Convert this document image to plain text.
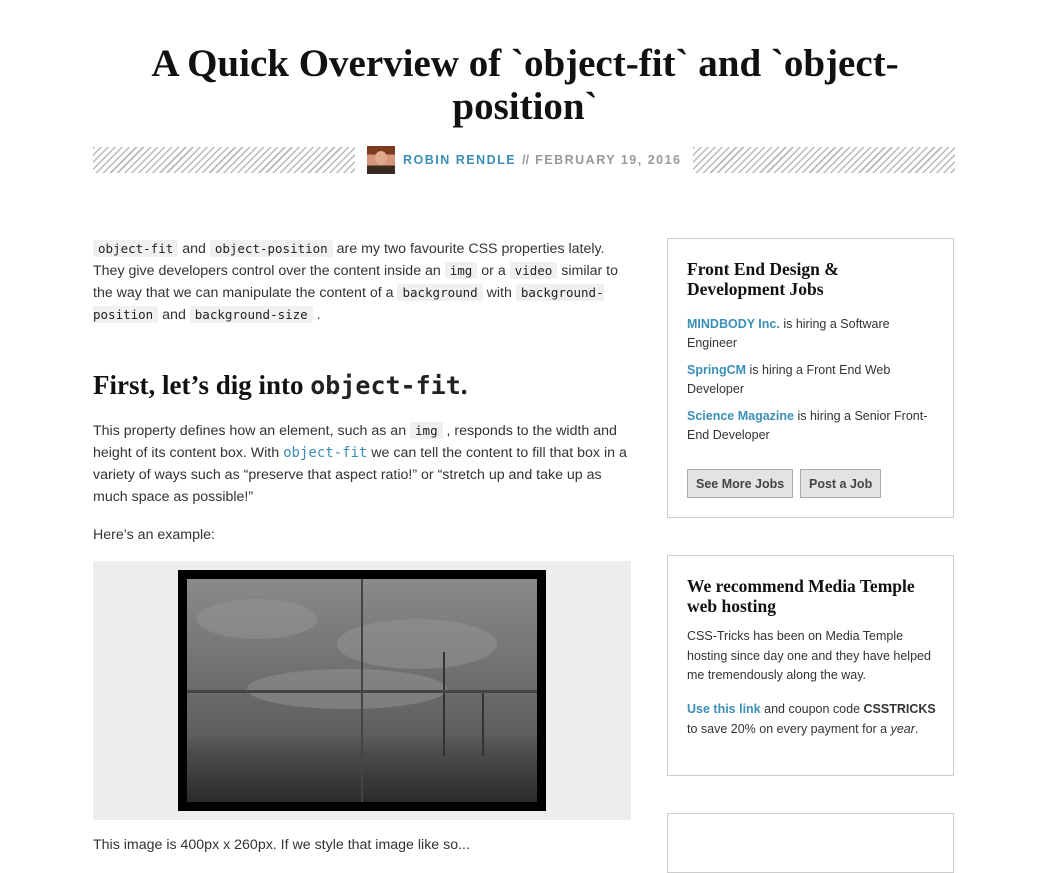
A Quick Overview of `object-fit` and `object-position`
ROBIN RENDLE // FEBRUARY 19, 2016

object-fit and object-position are my two favourite CSS properties lately. They give developers control over the content inside an img or a video similar to the way that we can manipulate the content of a background with background-position and background-size .

First, let’s dig into object-fit.

This property defines how an element, such as an img , responds to the width and height of its content box. With object-fit we can tell the content to fill that box in a variety of ways such as “preserve that aspect ratio!” or “stretch up and take up as much space as possible!”

Here’s an example:

This image is 400px x 260px. If we style that image like so...

Front End Design & Development Jobs
MINDBODY Inc. is hiring a Software Engineer
SpringCM is hiring a Front End Web Developer
Science Magazine is hiring a Senior Front-End Developer
See More Jobs	Post a Job
We recommend Media Temple web hosting
CSS-Tricks has been on Media Temple hosting since day one and they have helped me tremendously along the way.
Use this link and coupon code CSSTRICKS to save 20% on every payment for a year.
